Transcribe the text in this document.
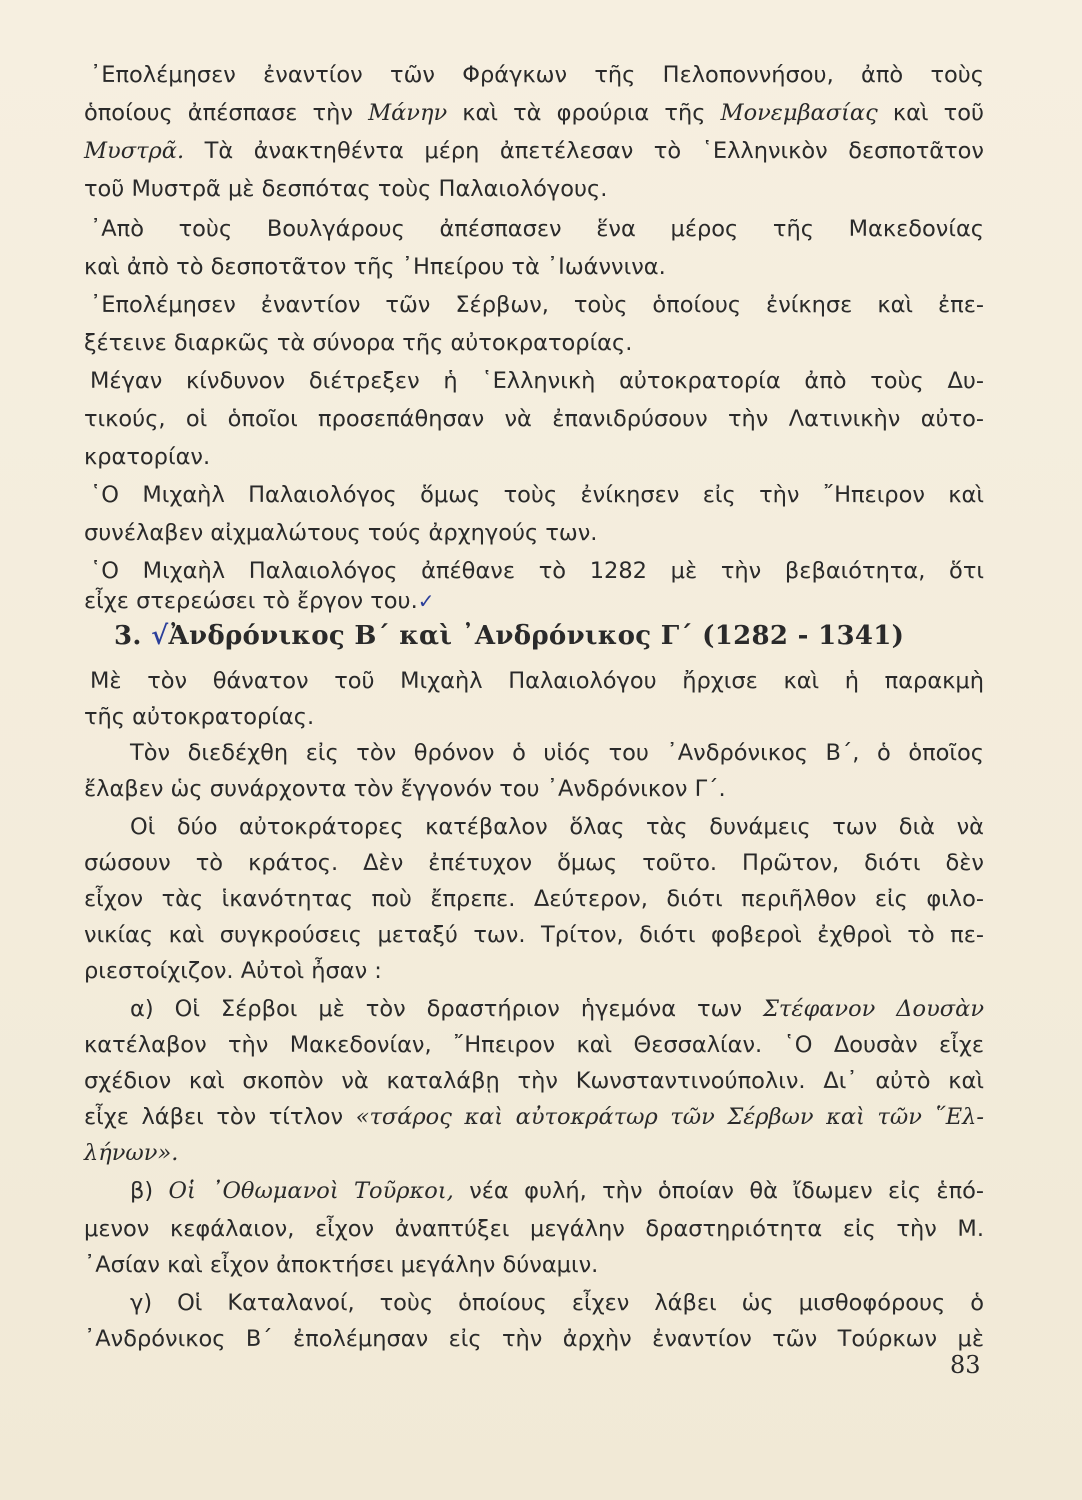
᾿Επολέμησεν ἐναντίον τῶν Φράγκων τῆς Πελοποννήσου, ἀπὸ τοὺς
ὁποίους ἀπέσπασε τὴν Μάνην καὶ τὰ φρούρια τῆς Μονεμβασίας καὶ τοῦ
Μυστρᾶ. Τὰ ἀνακτηθέντα μέρη ἀπετέλεσαν τὸ ῾Ελληνικὸν δεσποτᾶτον
τοῦ Μυστρᾶ μὲ δεσπότας τοὺς Παλαιολόγους.
᾿Απὸ τοὺς Βουλγάρους ἀπέσπασεν ἕνα μέρος τῆς Μακεδονίας
καὶ ἀπὸ τὸ δεσποτᾶτον τῆς ᾿Ηπείρου τὰ ᾿Ιωάννινα.
᾿Επολέμησεν ἐναντίον τῶν Σέρβων, τοὺς ὁποίους ἐνίκησε καὶ ἐπε-
ξέτεινε διαρκῶς τὰ σύνορα τῆς αὐτοκρατορίας.
Μέγαν κίνδυνον διέτρεξεν ἡ ῾Ελληνικὴ αὐτοκρατορία ἀπὸ τοὺς Δυ-
τικούς, οἱ ὁποῖοι προσεπάθησαν νὰ ἐπανιδρύσουν τὴν Λατινικὴν αὐτο-
κρατορίαν.
῾Ο Μιχαὴλ Παλαιολόγος ὅμως τοὺς ἐνίκησεν εἰς τὴν ῎Ηπειρον καὶ
συνέλαβεν αἰχμαλώτους τούς ἀρχηγούς των.
῾Ο Μιχαὴλ Παλαιολόγος ἀπέθανε τὸ 1282 μὲ τὴν βεβαιότητα, ὅτι
εἶχε στερεώσει τὸ ἔργον του.✓
3. √Ἀνδρόνικος Β΄ καὶ ᾿Ανδρόνικος Γ΄ (1282 - 1341)
Μὲ τὸν θάνατον τοῦ Μιχαὴλ Παλαιολόγου ἤρχισε καὶ ἡ παρακμὴ
τῆς αὐτοκρατορίας.
Τὸν διεδέχθη εἰς τὸν θρόνον ὁ υἱός του ᾿Ανδρόνικος Β΄, ὁ ὁποῖος
ἔλαβεν ὡς συνάρχοντα τὸν ἔγγονόν του ᾿Ανδρόνικον Γ΄.
Οἱ δύο αὐτοκράτορες κατέβαλον ὅλας τὰς δυνάμεις των διὰ νὰ
σώσουν τὸ κράτος. Δὲν ἐπέτυχον ὅμως τοῦτο. Πρῶτον, διότι δὲν
εἶχον τὰς ἱκανότητας ποὺ ἔπρεπε. Δεύτερον, διότι περιῆλθον εἰς φιλο-
νικίας καὶ συγκρούσεις μεταξύ των. Τρίτον, διότι φοβεροὶ ἐχθροὶ τὸ πε-
ριεστοίχιζον. Αὐτοὶ ἦσαν :
α) Οἱ Σέρβοι μὲ τὸν δραστήριον ἡγεμόνα των Στέφανον Δουσὰν
κατέλαβον τὴν Μακεδονίαν, ῎Ηπειρον καὶ Θεσσαλίαν. ῾Ο Δουσὰν εἶχε
σχέδιον καὶ σκοπὸν νὰ καταλάβῃ τὴν Κωνσταντινούπολιν. Δι᾿ αὐτὸ καὶ
εἶχε λάβει τὸν τίτλον «τσάρος καὶ αὐτοκράτωρ τῶν Σέρβων καὶ τῶν ῞Ελ-
λήνων».
β) Οἱ ᾿Οθωμανοὶ Τοῦρκοι, νέα φυλή, τὴν ὁποίαν θὰ ἴδωμεν εἰς ἑπό-
μενον κεφάλαιον, εἶχον ἀναπτύξει μεγάλην δραστηριότητα εἰς τὴν Μ.
᾿Ασίαν καὶ εἶχον ἀποκτήσει μεγάλην δύναμιν.
γ) Οἱ Καταλανοί, τοὺς ὁποίους εἶχεν λάβει ὡς μισθοφόρους ὁ
᾿Ανδρόνικος Β΄ ἐπολέμησαν εἰς τὴν ἀρχὴν ἐναντίον τῶν Τούρκων μὲ
83
